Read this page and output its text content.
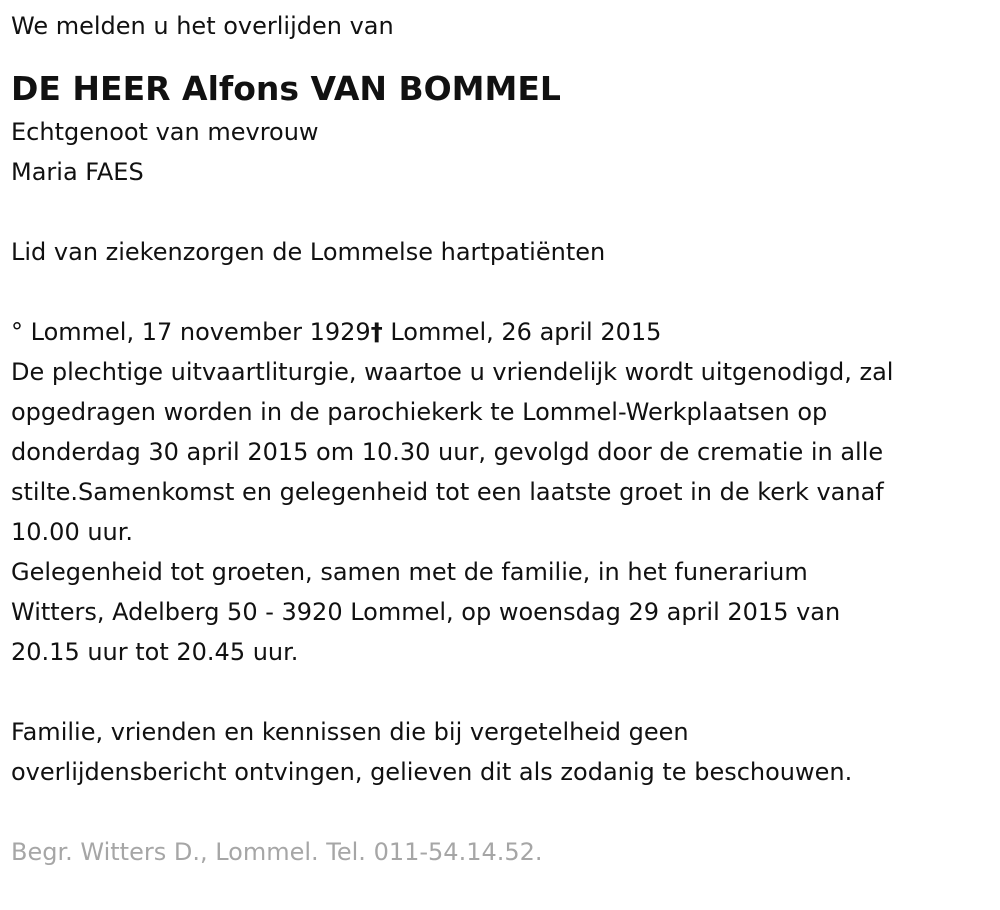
We melden u het overlijden van

DE HEER Alfons VAN BOMMEL

Echtgenoot van mevrouw

Maria FAES

Lid van ziekenzorgen de Lommelse hartpatiënten

° Lommel, 17 november 1929† Lommel, 26 april 2015

De plechtige uitvaartliturgie, waartoe u vriendelijk wordt uitgenodigd, zal

opgedragen worden in de parochiekerk te Lommel-Werkplaatsen op

donderdag 30 april 2015 om 10.30 uur, gevolgd door de crematie in alle

stilte.Samenkomst en gelegenheid tot een laatste groet in de kerk vanaf

10.00 uur.

Gelegenheid tot groeten, samen met de familie, in het funerarium

Witters, Adelberg 50 - 3920 Lommel, op woensdag 29 april 2015 van

20.15 uur tot 20.45 uur.

Familie, vrienden en kennissen die bij vergetelheid geen

overlijdensbericht ontvingen, gelieven dit als zodanig te beschouwen.

Begr. Witters D., Lommel. Tel. 011-54.14.52.
